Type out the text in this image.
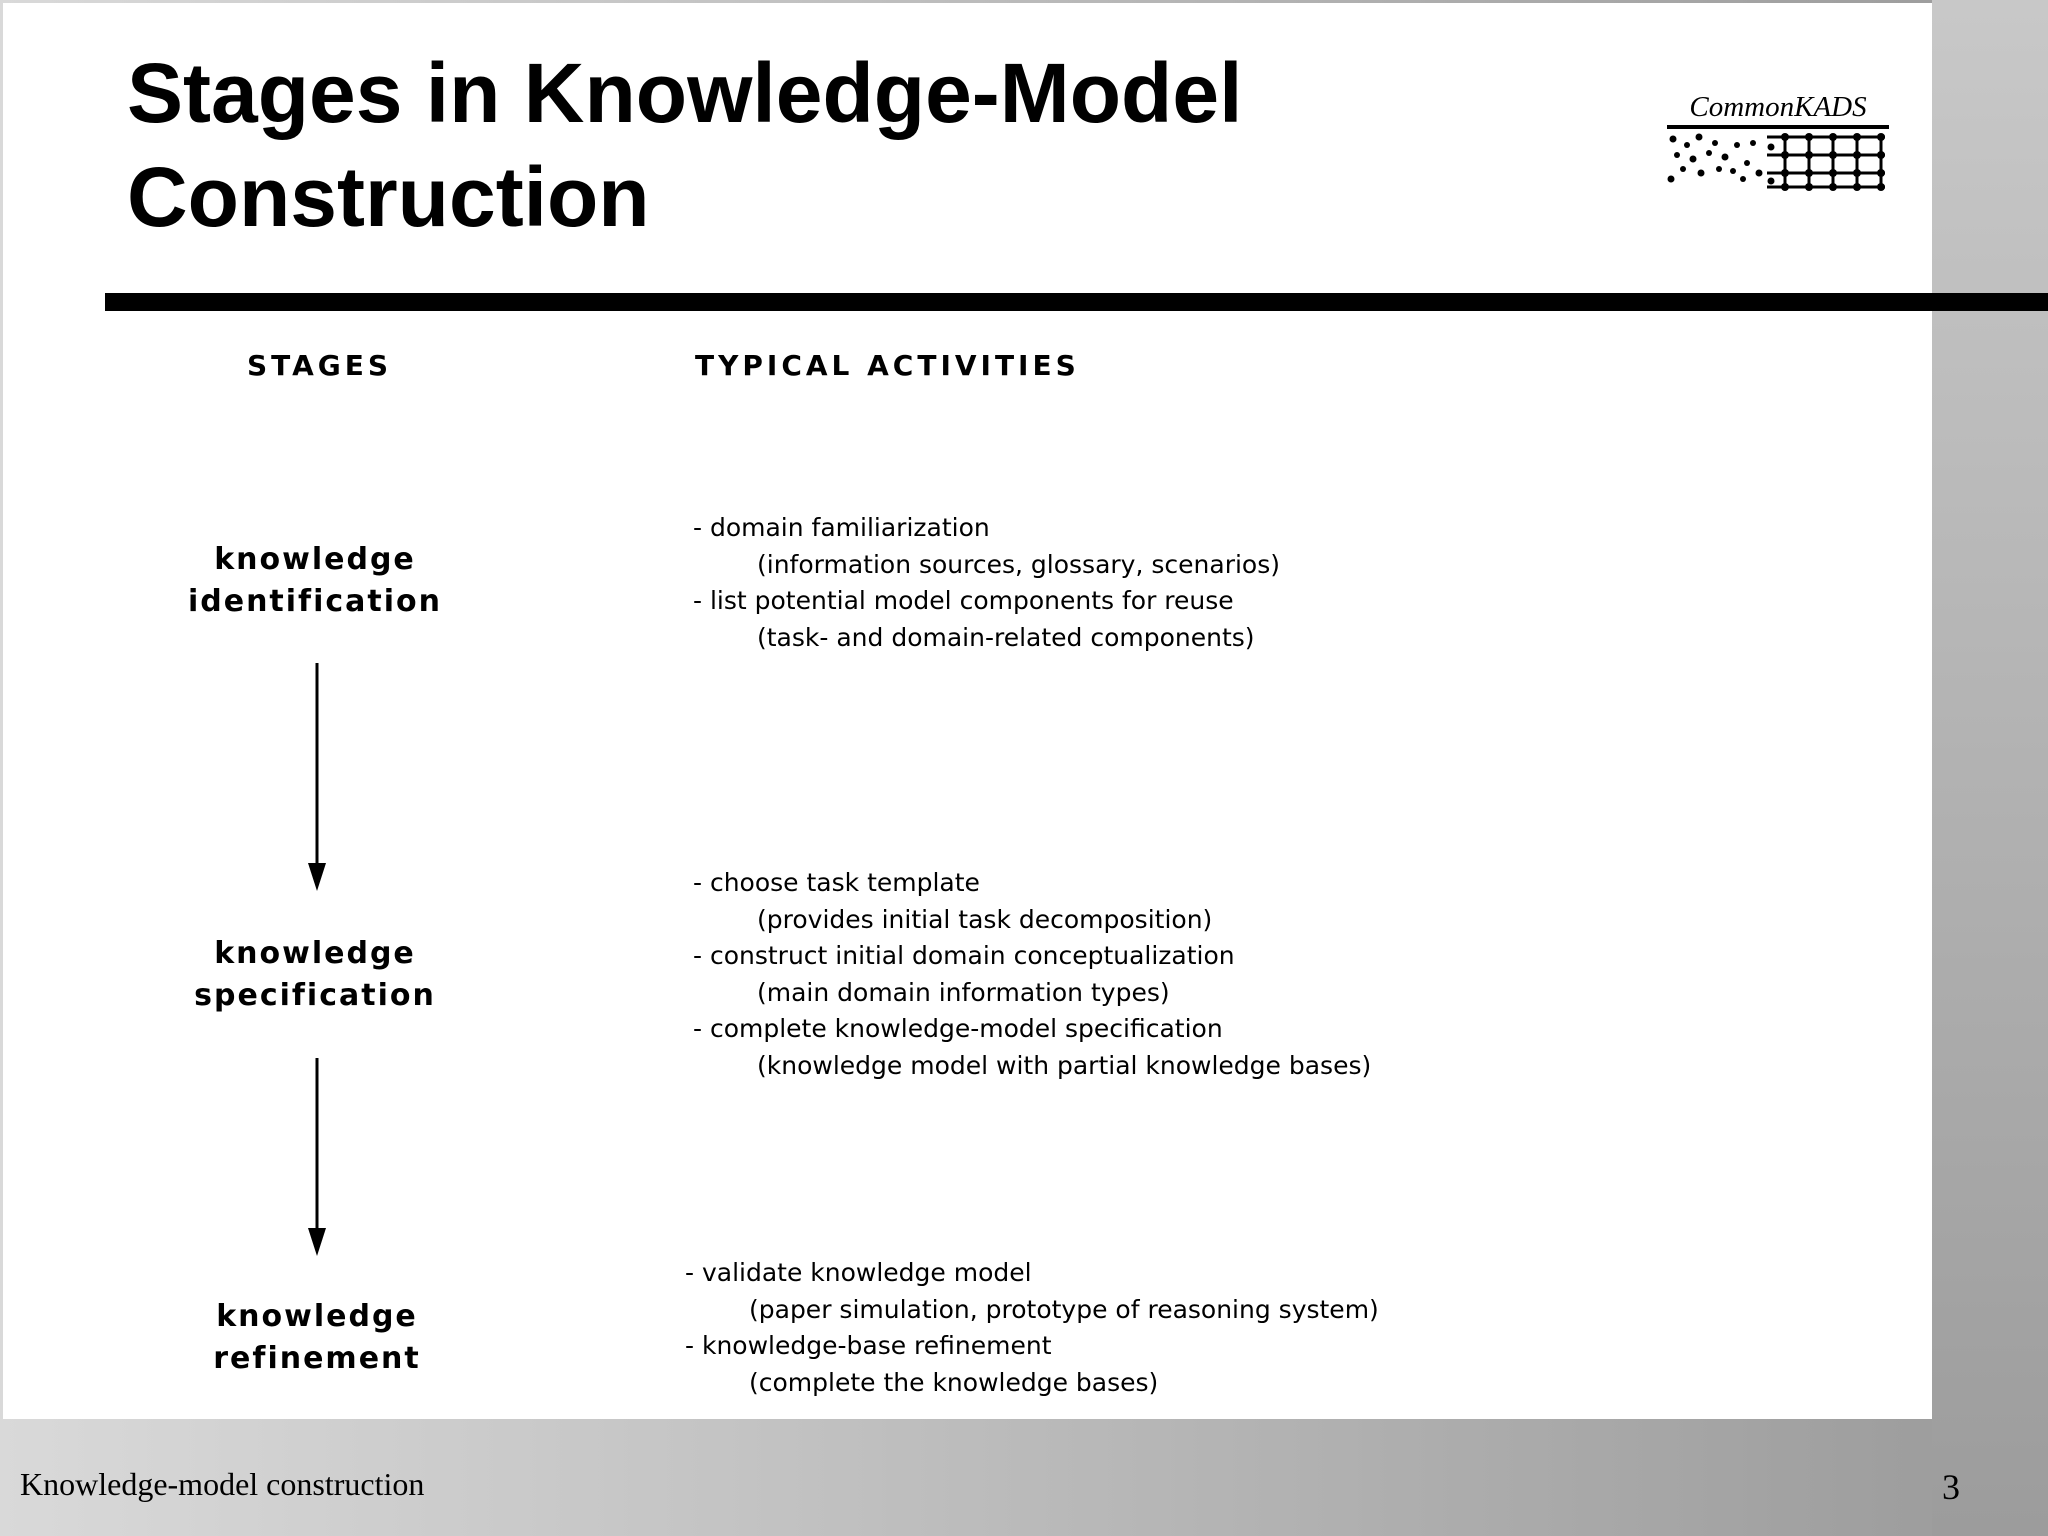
Stages in Knowledge-Model
Construction
CommonKADS
STAGES	TYPICAL ACTIVITIES
knowledge
identification
- domain familiarization
(information sources, glossary, scenarios)
- list potential model components for reuse
(task- and domain-related components)
knowledge
specification
- choose task template
(provides initial task decomposition)
- construct initial domain conceptualization
(main domain information types)
- complete knowledge-model specification
(knowledge model with partial knowledge bases)
knowledge
refinement
- validate knowledge model
(paper simulation, prototype of reasoning system)
- knowledge-base refinement
(complete the knowledge bases)
Knowledge-model construction	3
